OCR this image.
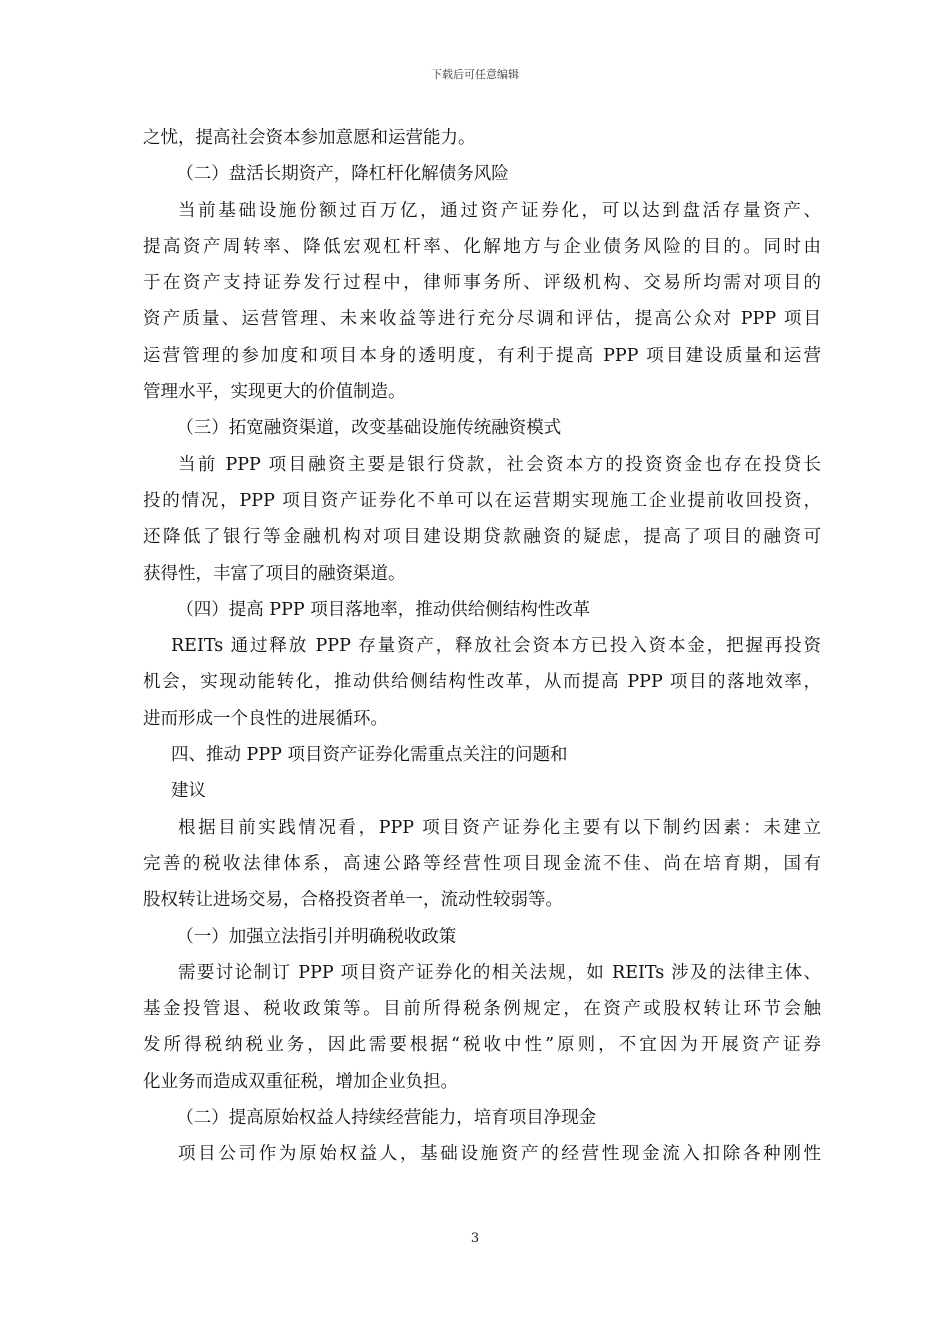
下载后可任意编辑

之忧，提高社会资本参加意愿和运营能力。

（二）盘活长期资产，降杠杆化解债务风险

当前基础设施份额过百万亿，通过资产证券化，可以达到盘活存量资产、

提高资产周转率、降低宏观杠杆率、化解地方与企业债务风险的目的。同时由

于在资产支持证券发行过程中，律师事务所、评级机构、交易所均需对项目的

资产质量、运营管理、未来收益等进行充分尽调和评估，提高公众对 PPP 项目

运营管理的参加度和项目本身的透明度，有利于提高 PPP 项目建设质量和运营

管理水平，实现更大的价值制造。

（三）拓宽融资渠道，改变基础设施传统融资模式

当前 PPP 项目融资主要是银行贷款，社会资本方的投资资金也存在投贷长

投的情况，PPP 项目资产证券化不单可以在运营期实现施工企业提前收回投资，

还降低了银行等金融机构对项目建设期贷款融资的疑虑，提高了项目的融资可

获得性，丰富了项目的融资渠道。

（四）提高 PPP 项目落地率，推动供给侧结构性改革

REITs 通过释放 PPP 存量资产，释放社会资本方已投入资本金，把握再投资

机会，实现动能转化，推动供给侧结构性改革，从而提高 PPP 项目的落地效率，

进而形成一个良性的进展循环。

四、推动 PPP 项目资产证券化需重点关注的问题和

建议

根据目前实践情况看，PPP 项目资产证券化主要有以下制约因素：未建立

完善的税收法律体系，高速公路等经营性项目现金流不佳、尚在培育期，国有

股权转让进场交易，合格投资者单一，流动性较弱等。

（一）加强立法指引并明确税收政策

需要讨论制订 PPP 项目资产证券化的相关法规，如 REITs 涉及的法律主体、

基金投管退、税收政策等。目前所得税条例规定，在资产或股权转让环节会触

发所得税纳税业务，因此需要根据“税收中性”原则，不宜因为开展资产证券

化业务而造成双重征税，增加企业负担。

（二）提高原始权益人持续经营能力，培育项目净现金

项目公司作为原始权益人，基础设施资产的经营性现金流入扣除各种刚性

3
